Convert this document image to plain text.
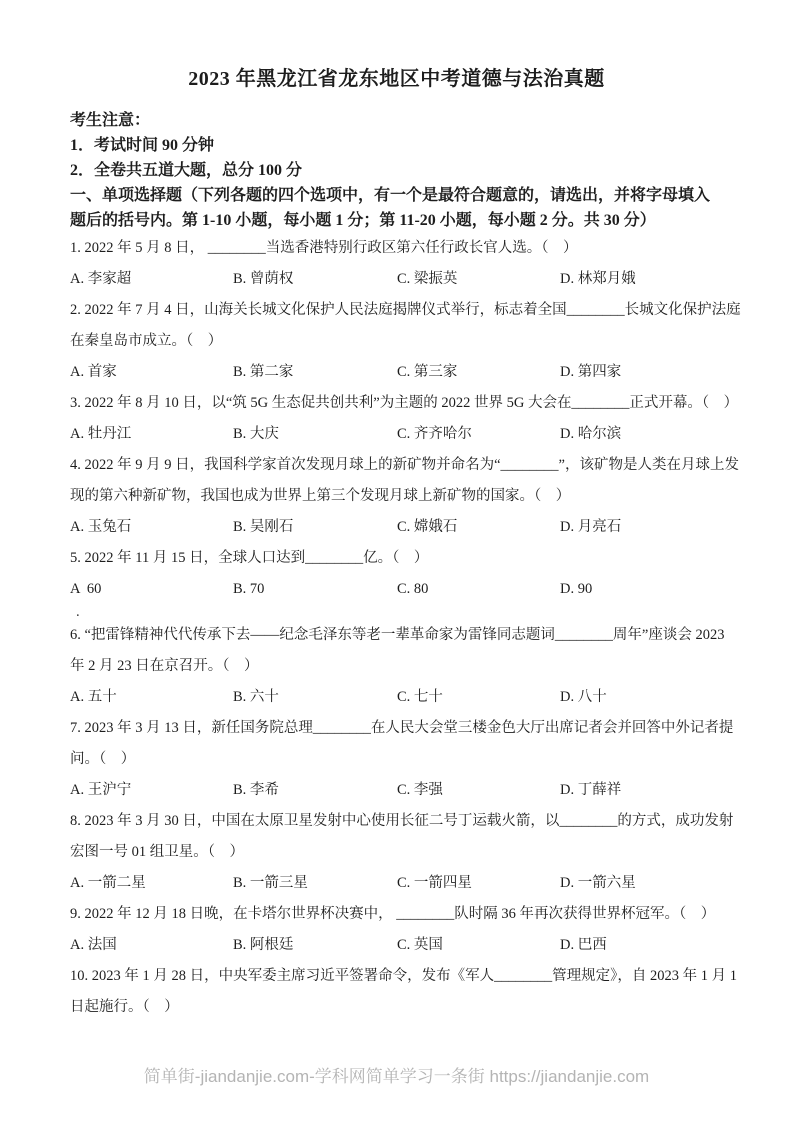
2023 年黑龙江省龙东地区中考道德与法治真题
考生注意：
1．考试时间 90 分钟
2．全卷共五道大题，总分 100 分
一、单项选择题（下列各题的四个选项中，有一个是最符合题意的，请选出，并将字母填入
题后的括号内。第 1-10 小题，每小题 1 分；第 11-20 小题，每小题 2 分。共 30 分）
1. 2022 年 5 月 8 日， ________当选香港特别行政区第六任行政长官人选。（　）
A. 李家超	B. 曾荫权	C. 梁振英	D. 林郑月娥
2. 2022 年 7 月 4 日，山海关长城文化保护人民法庭揭牌仪式举行，标志着全国________长城文化保护法庭
在秦皇岛市成立。（　）
A. 首家	B. 第二家	C. 第三家	D. 第四家
3. 2022 年 8 月 10 日，以“筑 5G 生态促共创共利”为主题的 2022 世界 5G 大会在________正式开幕。（　）
A. 牡丹江	B. 大庆	C. 齐齐哈尔	D. 哈尔滨
4. 2022 年 9 月 9 日，我国科学家首次发现月球上的新矿物并命名为“________”，该矿物是人类在月球上发
现的第六种新矿物，我国也成为世界上第三个发现月球上新矿物的国家。（　）
A. 玉兔石	B. 吴刚石	C. 嫦娥石	D. 月亮石
5. 2022 年 11 月 15 日，全球人口达到________亿。（　）
A  60	B. 70	C. 80	D. 90
.
6. “把雷锋精神代代传承下去——纪念毛泽东等老一辈革命家为雷锋同志题词________周年”座谈会 2023
年 2 月 23 日在京召开。（　）
A. 五十	B. 六十	C. 七十	D. 八十
7. 2023 年 3 月 13 日，新任国务院总理________在人民大会堂三楼金色大厅出席记者会并回答中外记者提
问。（　）
A. 王沪宁	B. 李希	C. 李强	D. 丁薛祥
8. 2023 年 3 月 30 日，中国在太原卫星发射中心使用长征二号丁运载火箭，以________的方式，成功发射
宏图一号 01 组卫星。（　）
A. 一箭二星	B. 一箭三星	C. 一箭四星	D. 一箭六星
9. 2022 年 12 月 18 日晚，在卡塔尔世界杯决赛中， ________队时隔 36 年再次获得世界杯冠军。（　）
A. 法国	B. 阿根廷	C. 英国	D. 巴西
10. 2023 年 1 月 28 日，中央军委主席习近平签署命令，发布《军人________管理规定》，自 2023 年 1 月 1
日起施行。（　）
简单街-jiandanjie.com-学科网简单学习一条街 https://jiandanjie.com
